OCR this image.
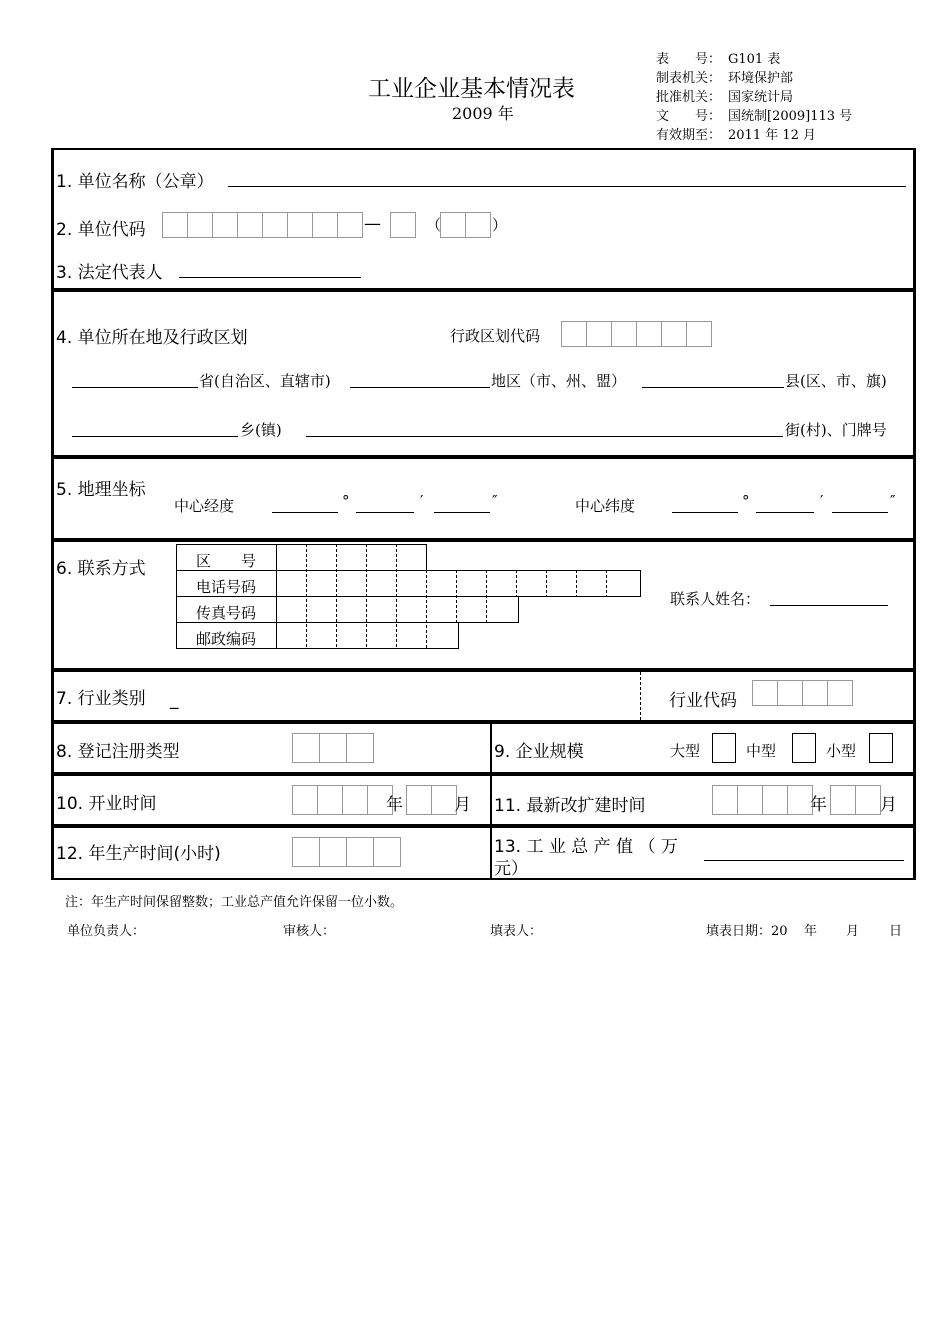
工业企业基本情况表
2009 年
表　　号： G101 表
制表机关： 环境保护部
批准机关： 国家统计局
文　　号： 国统制[2009]113 号
有效期至： 2011 年 12 月
1. 单位名称（公章）
2. 单位代码	—	（	）
3. 法定代表人
4. 单位所在地及行政区划	行政区划代码
省(自治区、直辖市)	地区（市、州、盟）	县(区、市、旗)
乡(镇)	街(村)、门牌号
5. 地理坐标
中心经度	°	′	″	中心纬度	°	′	″
6. 联系方式	区　　号
电话号码
传真号码
邮政编码
联系人姓名：
7. 行业类别 _	行业代码
8. 登记注册类型	9. 企业规模	大型	中型	小型
10. 开业时间	年	月 11. 最新改扩建时间	年	月
12. 年生产时间(小时)	13. 工 业 总 产 值 （ 万
元）
注：年生产时间保留整数；工业总产值允许保留一位小数。
单位负责人：	审核人：	填表人：	填表日期：20 年 月 日
